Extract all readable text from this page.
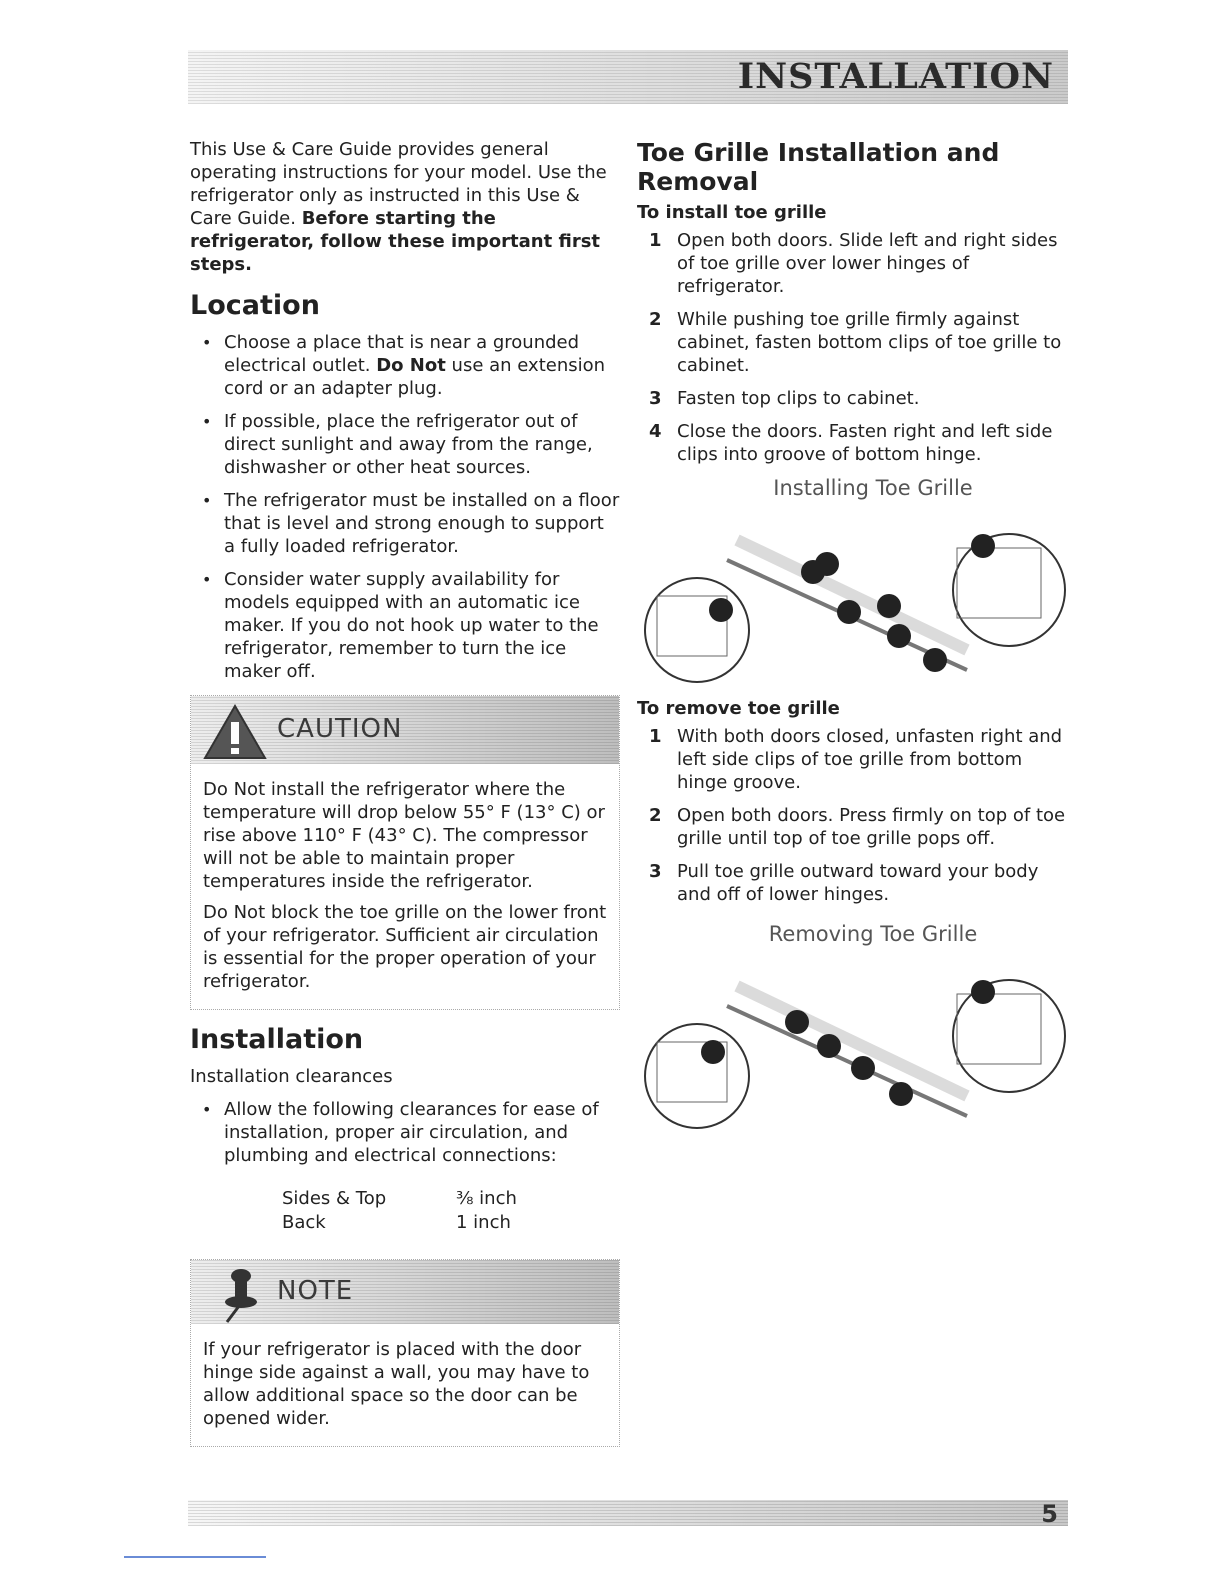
INSTALLATION

This Use & Care Guide provides general operating instructions for your model. Use the refrigerator only as instructed in this Use & Care Guide. Before starting the refrigerator, follow these important first steps.

Location
• Choose a place that is near a grounded electrical outlet. Do Not use an extension cord or an adapter plug.
• If possible, place the refrigerator out of direct sunlight and away from the range, dishwasher or other heat sources.
• The refrigerator must be installed on a floor that is level and strong enough to support a fully loaded refrigerator.
• Consider water supply availability for models equipped with an automatic ice maker. If you do not hook up water to the refrigerator, remember to turn the ice maker off.
CAUTION

Do Not install the refrigerator where the temperature will drop below 55° F (13° C) or rise above 110° F (43° C). The compressor will not be able to maintain proper temperatures inside the refrigerator.

Do Not block the toe grille on the lower front of your refrigerator. Sufficient air circulation is essential for the proper operation of your refrigerator.

Installation

Installation clearances

• Allow the following clearances for ease of installation, proper air circulation, and plumbing and electrical connections:
Sides & Top	⅜ inch
Back	1 inch
NOTE

If your refrigerator is placed with the door hinge side against a wall, you may have to allow additional space so the door can be opened wider.

Toe Grille Installation and Removal
To install toe grille
1 Open both doors. Slide left and right sides of toe grille over lower hinges of refrigerator.
2 While pushing toe grille firmly against cabinet, fasten bottom clips of toe grille to cabinet.
3 Fasten top clips to cabinet.
4 Close the doors. Fasten right and left side clips into groove of bottom hinge.
Installing Toe Grille
To remove toe grille
1 With both doors closed, unfasten right and left side clips of toe grille from bottom hinge groove.
2 Open both doors. Press firmly on top of toe grille until top of toe grille pops off.
3 Pull toe grille outward toward your body and off of lower hinges.
Removing Toe Grille
5
